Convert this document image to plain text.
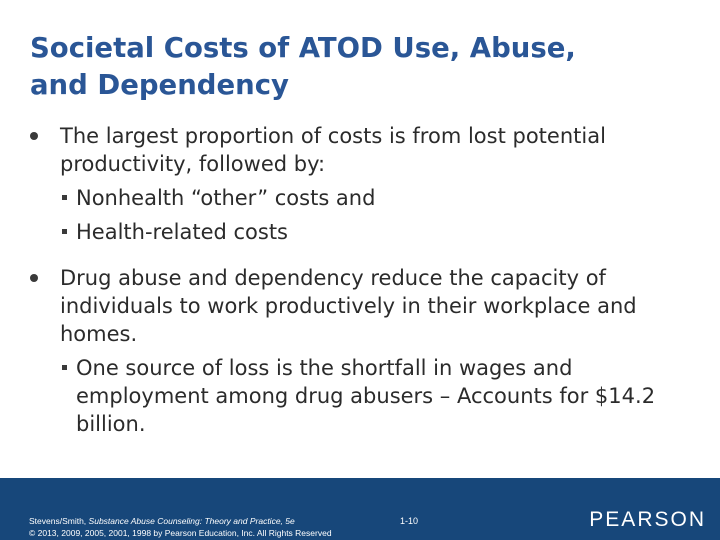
Societal Costs of ATOD Use, Abuse,
and Dependency
The largest proportion of costs is from lost potential productivity, followed by:
Nonhealth “other” costs and
Health-related costs
Drug abuse and dependency reduce the capacity of individuals to work productively in their workplace and homes.
One source of loss is the shortfall in wages and employment among drug abusers – Accounts for $14.2 billion.
Stevens/Smith, Substance Abuse Counseling: Theory and Practice, 5e
© 2013, 2009, 2005, 2001, 1998 by Pearson Education, Inc. All Rights Reserved
1-10	PEARSON
